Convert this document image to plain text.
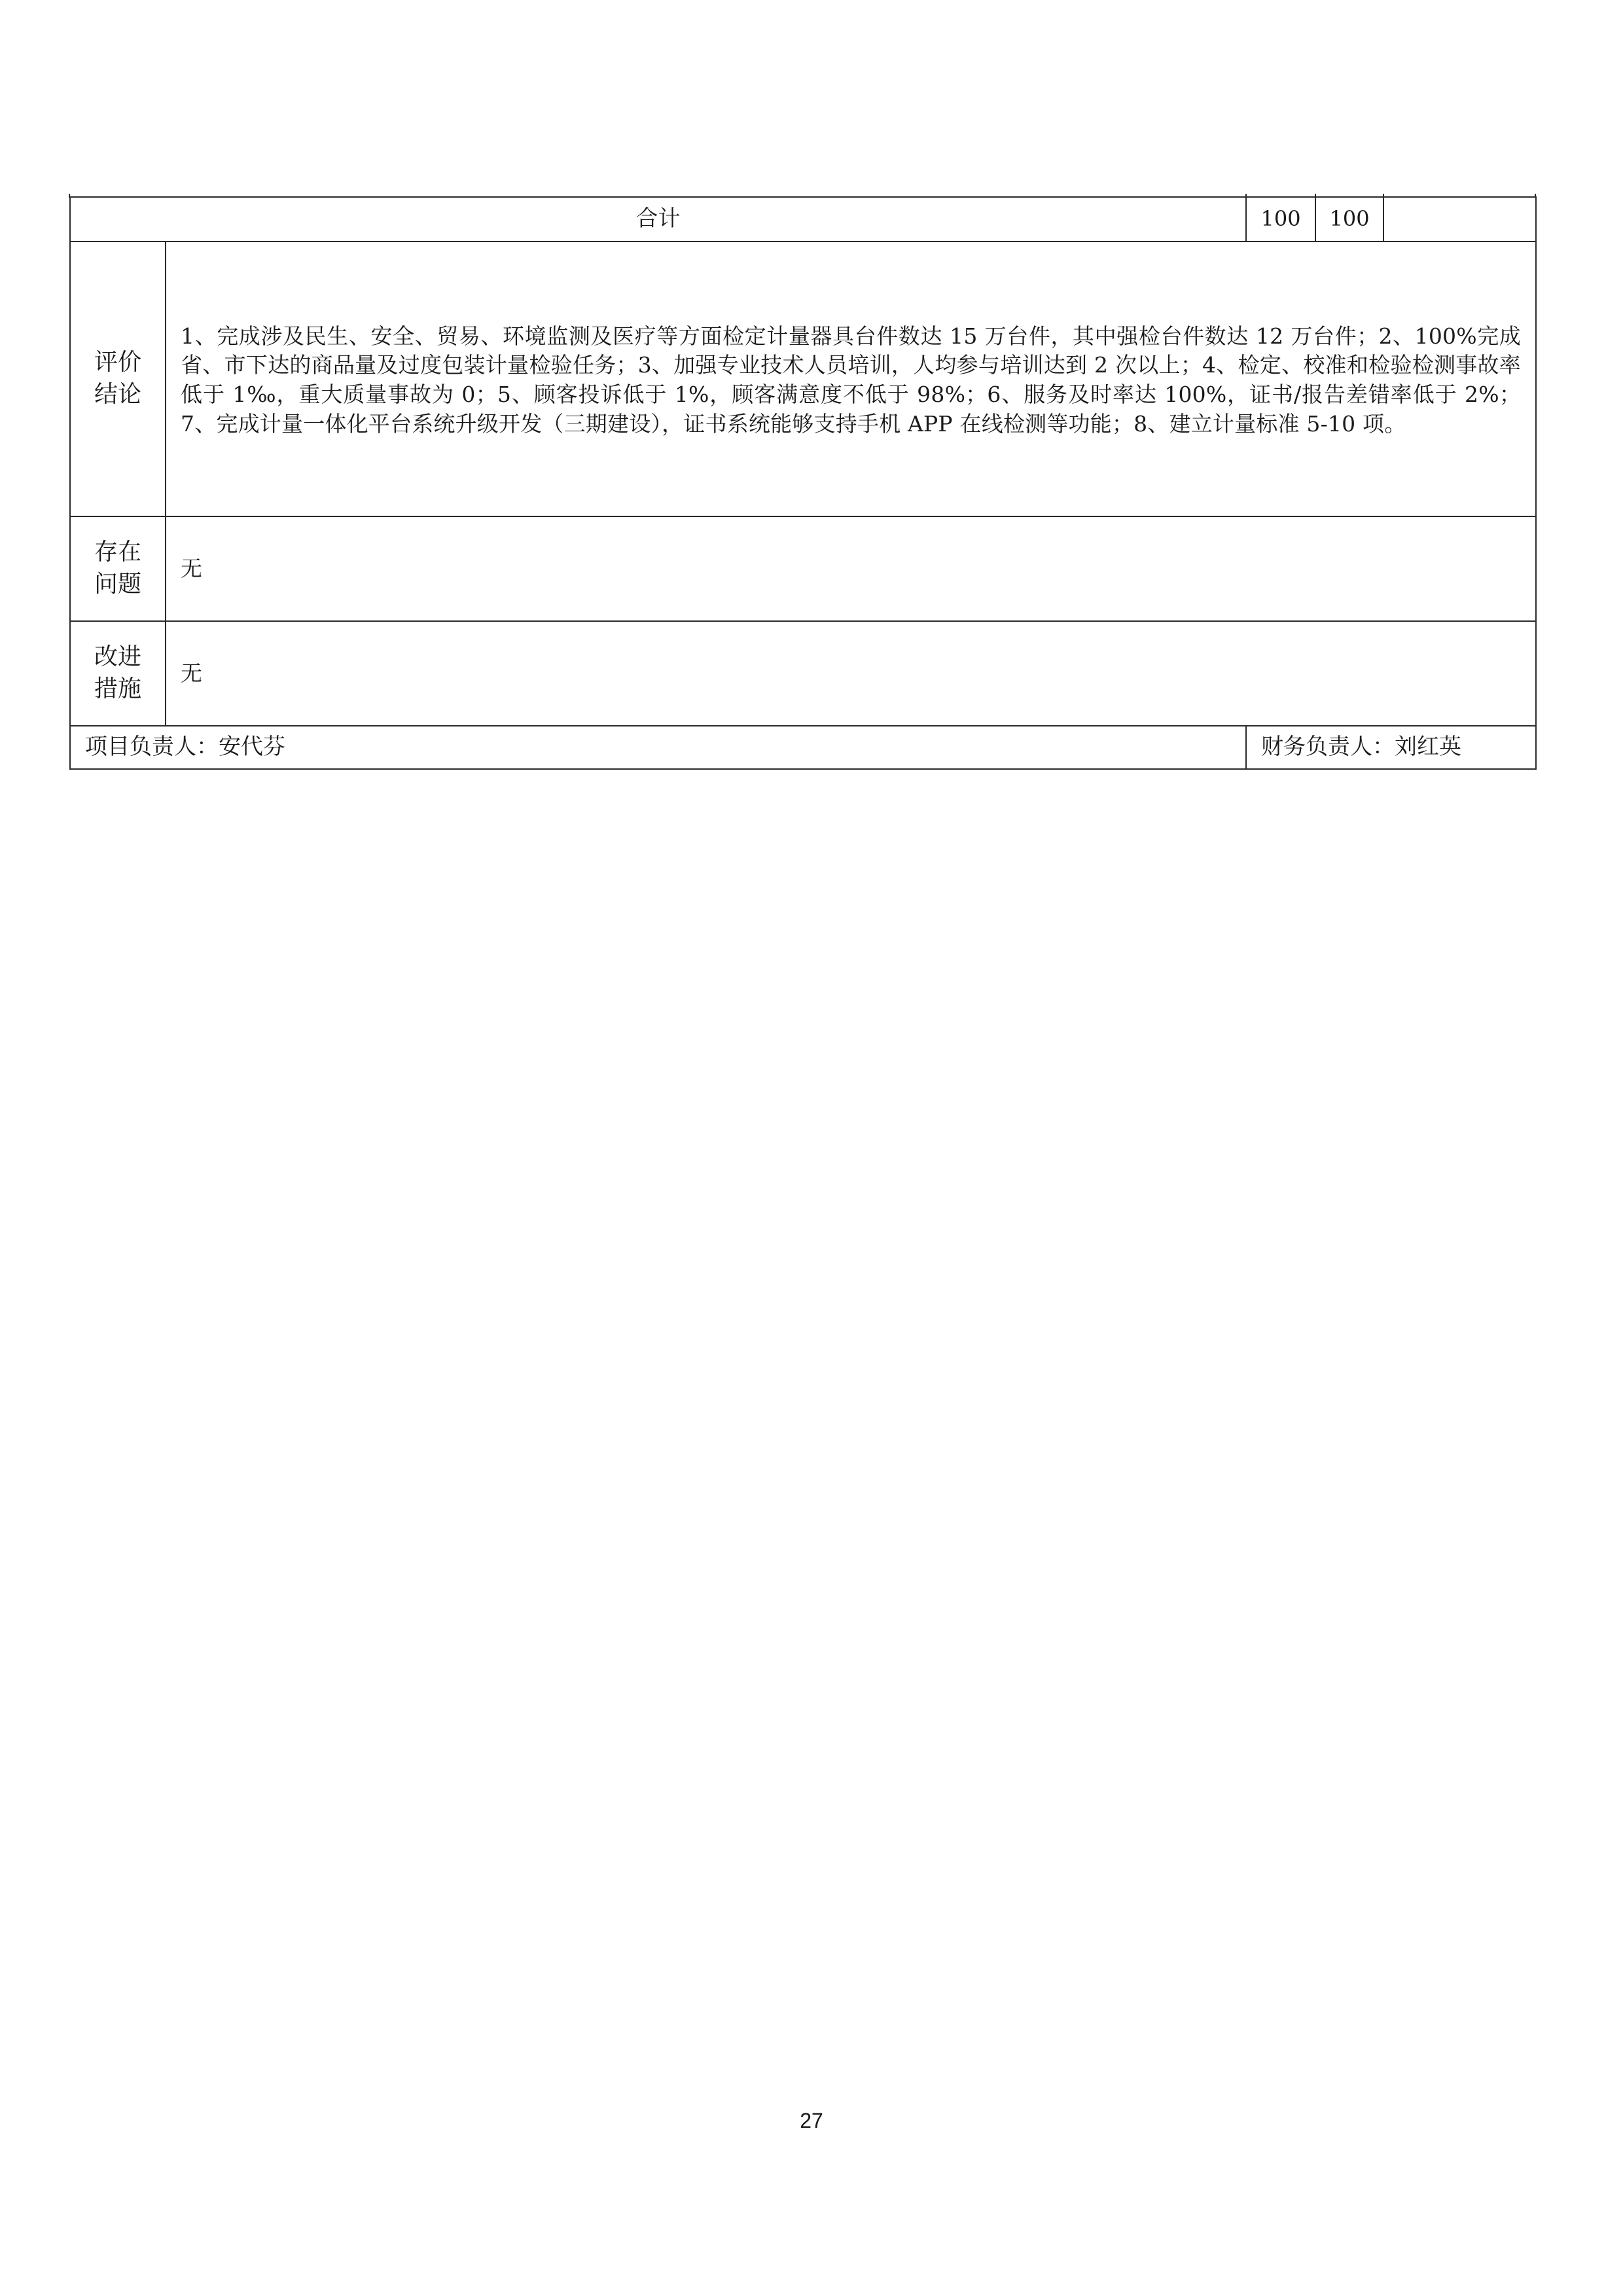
合计		100	100	

评价
结论	1、完成涉及民生、安全、贸易、环境监测及医疗等方面检定计量器具台件数达 15 万台件，其中强检台件数达 12 万台件；2、100%完成省、市下达的商品量及过度包装计量检验任务；3、加强专业技术人员培训，人均参与培训达到 2 次以上；4、检定、校准和检验检测事故率低于 1‰，重大质量事故为 0；5、顾客投诉低于 1%，顾客满意度不低于 98%；6、服务及时率达 100%，证书/报告差错率低于 2%；7、完成计量一体化平台系统升级开发（三期建设），证书系统能够支持手机 APP 在线检测等功能；8、建立计量标准 5-10 项。			

存在
问题	无			

改进
措施	无			
项目负责人：安代芬		财务负责人：刘红英		
27
